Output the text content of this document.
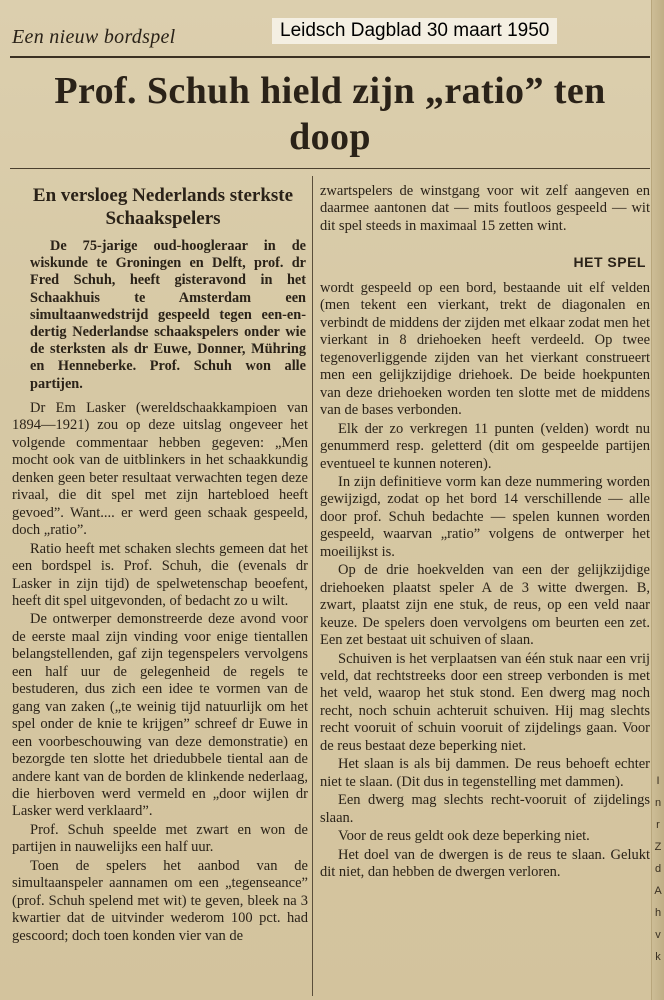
Een nieuw bordspel	Leidsch Dagblad 30 maart 1950
Prof. Schuh hield zijn „ratio” ten doop
En versloeg Nederlands sterkste Schaakspelers
De 75-jarige oud-hoogleraar in de wiskunde te Groningen en Delft, prof. dr Fred Schuh, heeft gisteravond in het Schaakhuis te Amsterdam een simultaanwedstrijd gespeeld tegen een-en-dertig Nederlandse schaakspelers onder wie de sterksten als dr Euwe, Donner, Mühring en Henneberke. Prof. Schuh won alle partijen.

Dr Em Lasker (wereldschaakkampioen van 1894—1921) zou op deze uitslag ongeveer het volgende commentaar hebben gegeven: „Men mocht ook van de uitblinkers in het schaakkundig denken geen beter resultaat verwachten tegen deze rivaal, die dit spel met zijn hartebloed heeft gevoed”. Want.... er werd geen schaak gespeeld, doch „ratio”.

Ratio heeft met schaken slechts gemeen dat het een bordspel is. Prof. Schuh, die (evenals dr Lasker in zijn tijd) de spelwetenschap beoefent, heeft dit spel uitgevonden, of bedacht zo u wilt.

De ontwerper demonstreerde deze avond voor de eerste maal zijn vinding voor enige tientallen belangstellenden, gaf zijn tegenspelers vervolgens een half uur de gelegenheid de regels te bestuderen, dus zich een idee te vormen van de gang van zaken („te weinig tijd natuurlijk om het spel onder de knie te krijgen” schreef dr Euwe in een voorbeschouwing van deze demonstratie) en bezorgde ten slotte het driedubbele tiental aan de andere kant van de borden de klinkende nederlaag, die hierboven werd vermeld en „door wijlen dr Lasker werd verklaard”.

Prof. Schuh speelde met zwart en won de partijen in nauwelijks een half uur.

Toen de spelers het aanbod van de simultaanspeler aannamen om een „tegenseance” (prof. Schuh spelend met wit) te geven, bleek na 3 kwartier dat de uitvinder wederom 100 pct. had gescoord; doch toen konden vier van de

zwartspelers de winstgang voor wit zelf aangeven en daarmee aantonen dat — mits foutloos gespeeld — wit dit spel steeds in maximaal 15 zetten wint.

HET SPEL

wordt gespeeld op een bord, bestaande uit elf velden (men tekent een vierkant, trekt de diagonalen en verbindt de middens der zijden met elkaar zodat men het vierkant in 8 driehoeken heeft verdeeld. Op twee tegenoverliggende zijden van het vierkant construeert men een gelijkzijdige driehoek. De beide hoekpunten van deze driehoeken worden ten slotte met de middens van de bases verbonden.

Elk der zo verkregen 11 punten (velden) wordt nu genummerd resp. geletterd (dit om gespeelde partijen eventueel te kunnen noteren).

In zijn definitieve vorm kan deze nummering worden gewijzigd, zodat op het bord 14 verschillende — alle door prof. Schuh bedachte — spelen kunnen worden gespeeld, waarvan „ratio” volgens de ontwerper het moeilijkst is.

Op de drie hoekvelden van een der gelijkzijdige driehoeken plaatst speler A de 3 witte dwergen. B, zwart, plaatst zijn ene stuk, de reus, op een veld naar keuze. De spelers doen vervolgens om beurten een zet. Een zet bestaat uit schuiven of slaan.

Schuiven is het verplaatsen van één stuk naar een vrij veld, dat rechtstreeks door een streep verbonden is met het veld, waarop het stuk stond. Een dwerg mag noch recht, noch schuin achteruit schuiven. Hij mag slechts recht vooruit of schuin vooruit of zijdelings gaan. Voor de reus bestaat deze beperking niet.

Het slaan is als bij dammen. De reus behoeft echter niet te slaan. (Dit dus in tegenstelling met dammen).

Een dwerg mag slechts recht-vooruit of zijdelings slaan.

Voor de reus geldt ook deze beperking niet.

Het doel van de dwergen is de reus te slaan. Gelukt dit niet, dan hebben de dwergen verloren.

I
n
r
Z
d
A
h
v
k
